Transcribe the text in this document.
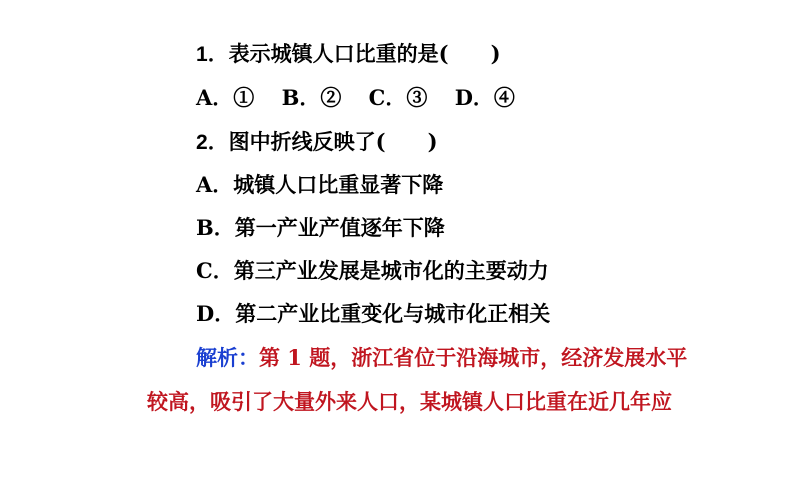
1．表示城镇人口比重的是(　　)
A．① B．② C．③ D．④
2．图中折线反映了(　　)
A．城镇人口比重显著下降
B．第一产业产值逐年下降
C．第三产业发展是城市化的主要动力
D．第二产业比重变化与城市化正相关
解析：第 1 题，浙江省位于沿海城市，经济发展水平
较高，吸引了大量外来人口，某城镇人口比重在近几年应
